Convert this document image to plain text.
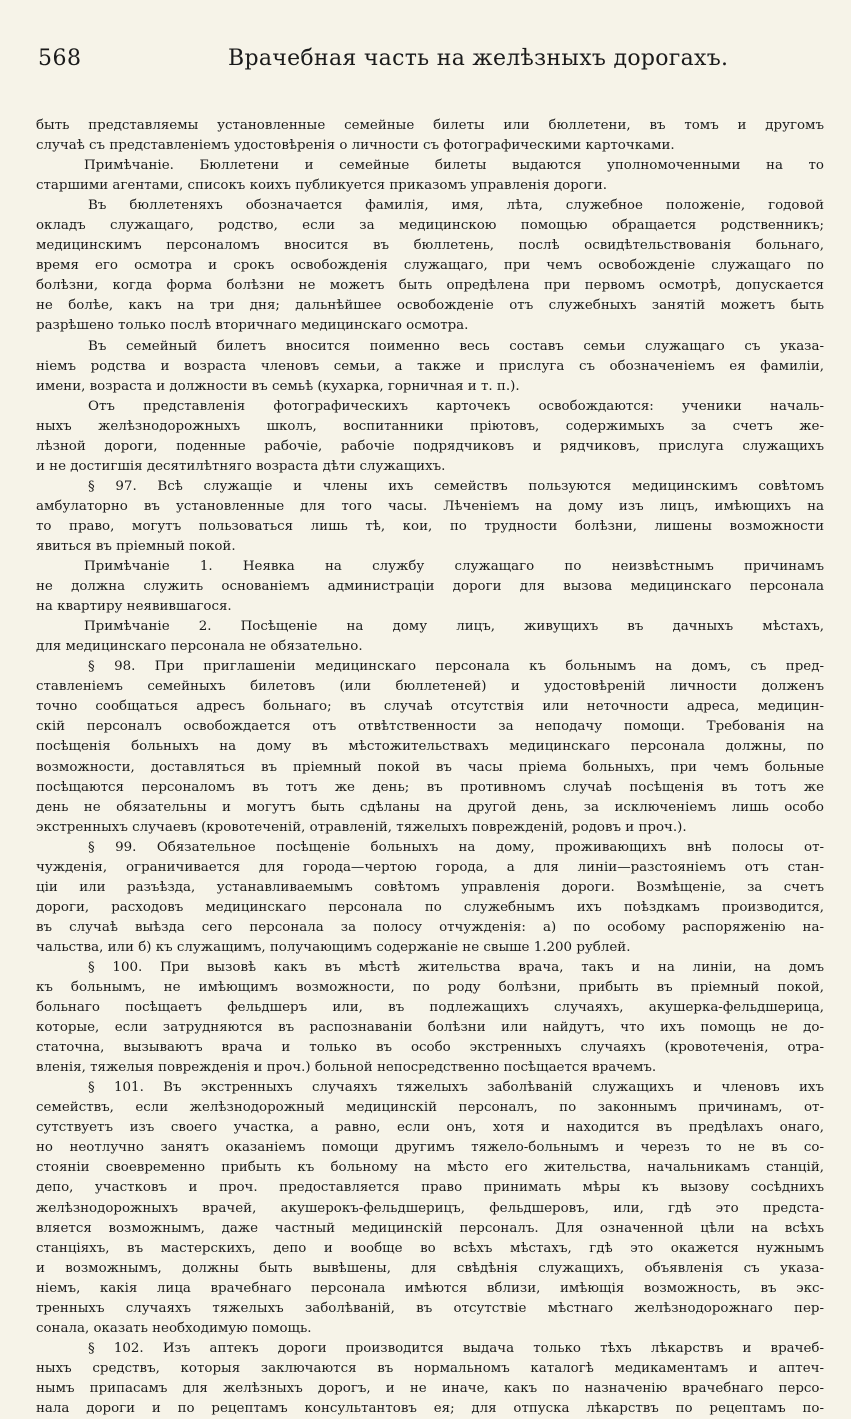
568	Врачебная часть на желѣзныхъ дорогахъ.
быть представляемы установленные семейные билеты или бюллетени, въ томъ и другомъ
случаѣ съ представленіемъ удостовѣренія о личности съ фотографическими карточками.
Примѣчаніе. Бюллетени и семейные билеты выдаются уполномоченными на то
старшими агентами, списокъ коихъ публикуется приказомъ управленія дороги.
Въ бюллетеняхъ обозначается фамилія, имя, лѣта, служебное положеніе, годовой
окладъ служащаго, родство, если за медицинскою помощью обращается родственникъ;
медицинскимъ персоналомъ вносится въ бюллетень, послѣ освидѣтельствованія больнаго,
время его осмотра и срокъ освобожденія служащаго, при чемъ освобожденіе служащаго по
болѣзни, когда форма болѣзни не можетъ быть опредѣлена при первомъ осмотрѣ, допускается
не болѣе, какъ на три дня; дальнѣйшее освобожденіе отъ служебныхъ занятій можетъ быть
разрѣшено только послѣ вторичнаго медицинскаго осмотра.
Въ семейный билетъ вносится поименно весь составъ семьи служащаго съ указа-
ніемъ родства и возраста членовъ семьи, а также и прислуга съ обозначеніемъ ея фамиліи,
имени, возраста и должности въ семьѣ (кухарка, горничная и т. п.).
Отъ представленія фотографическихъ карточекъ освобождаются: ученики началь-
ныхъ желѣзнодорожныхъ школъ, воспитанники пріютовъ, содержимыхъ за счетъ же-
лѣзной дороги, поденные рабочіе, рабочіе подрядчиковъ и рядчиковъ, прислуга служащихъ
и не достигшія десятилѣтняго возраста дѣти служащихъ.
§ 97. Всѣ служащіе и члены ихъ семействъ пользуются медицинскимъ совѣтомъ
амбулаторно въ установленные для того часы. Лѣченіемъ на дому изъ лицъ, имѣющихъ на
то право, могутъ пользоваться лишь тѣ, кои, по трудности болѣзни, лишены возможности
явиться въ пріемный покой.
Примѣчаніе 1. Неявка на службу служащаго по неизвѣстнымъ причинамъ
не должна служить основаніемъ администраціи дороги для вызова медицинскаго персонала
на квартиру неявившагося.
Примѣчаніе 2. Посѣщеніе на дому лицъ, живущихъ въ дачныхъ мѣстахъ,
для медицинскаго персонала не обязательно.
§ 98. При приглашеніи медицинскаго персонала къ больнымъ на домъ, съ пред-
ставленіемъ семейныхъ билетовъ (или бюллетеней) и удостовѣреній личности долженъ
точно сообщаться адресъ больнаго; въ случаѣ отсутствія или неточности адреса, медицин-
скій персоналъ освобождается отъ отвѣтственности за неподачу помощи. Требованія на
посѣщенія больныхъ на дому въ мѣстожительствахъ медицинскаго персонала должны, по
возможности, доставляться въ пріемный покой въ часы пріема больныхъ, при чемъ больные
посѣщаются персоналомъ въ тотъ же день; въ противномъ случаѣ посѣщенія въ тотъ же
день не обязательны и могутъ быть сдѣланы на другой день, за исключеніемъ лишь особо
экстренныхъ случаевъ (кровотеченій, отравленій, тяжелыхъ поврежденій, родовъ и проч.).
§ 99. Обязательное посѣщеніе больныхъ на дому, проживающихъ внѣ полосы от-
чужденія, ограничивается для города—чертою города, а для линіи—разстояніемъ отъ стан-
ціи или разъѣзда, устанавливаемымъ совѣтомъ управленія дороги. Возмѣщеніе, за счетъ
дороги, расходовъ медицинскаго персонала по служебнымъ ихъ поѣздкамъ производится,
въ случаѣ выѣзда сего персонала за полосу отчужденія: а) по особому распоряженію на-
чальства, или б) къ служащимъ, получающимъ содержаніе не свыше 1.200 рублей.
§ 100. При вызовѣ какъ въ мѣстѣ жительства врача, такъ и на линіи, на домъ
къ больнымъ, не имѣющимъ возможности, по роду болѣзни, прибыть въ пріемный покой,
больнаго посѣщаетъ фельдшеръ или, въ подлежащихъ случаяхъ, акушерка-фельдшерица,
которые, если затрудняются въ распознаваніи болѣзни или найдутъ, что ихъ помощь не до-
статочна, вызываютъ врача и только въ особо экстренныхъ случаяхъ (кровотеченія, отра-
вленія, тяжелыя поврежденія и проч.) больной непосредственно посѣщается врачемъ.
§ 101. Въ экстренныхъ случаяхъ тяжелыхъ заболѣваній служащихъ и членовъ ихъ
семействъ, если желѣзнодорожный медицинскій персоналъ, по законнымъ причинамъ, от-
сутствуетъ изъ своего участка, а равно, если онъ, хотя и находится въ предѣлахъ онаго,
но неотлучно занятъ оказаніемъ помощи другимъ тяжело-больнымъ и черезъ то не въ со-
стояніи своевременно прибыть къ больному на мѣсто его жительства, начальникамъ станцій,
депо, участковъ и проч. предоставляется право принимать мѣры къ вызову сосѣднихъ
желѣзнодорожныхъ врачей, акушерокъ-фельдшерицъ, фельдшеровъ, или, гдѣ это предста-
вляется возможнымъ, даже частный медицинскій персоналъ. Для означенной цѣли на всѣхъ
станціяхъ, въ мастерскихъ, депо и вообще во всѣхъ мѣстахъ, гдѣ это окажется нужнымъ
и возможнымъ, должны быть вывѣшены, для свѣдѣнія служащихъ, объявленія съ указа-
ніемъ, какія лица врачебнаго персонала имѣются вблизи, имѣющія возможность, въ экс-
тренныхъ случаяхъ тяжелыхъ заболѣваній, въ отсутствіе мѣстнаго желѣзнодорожнаго пер-
сонала, оказать необходимую помощь.
§ 102. Изъ аптекъ дороги производится выдача только тѣхъ лѣкарствъ и врачеб-
ныхъ средствъ, которыя заключаются въ нормальномъ каталогѣ медикаментамъ и аптеч-
нымъ припасамъ для желѣзныхъ дорогъ, и не иначе, какъ по назначенію врачебнаго персо-
нала дороги и по рецептамъ консультантовъ ея; для отпуска лѣкарствъ по рецептамъ по-
